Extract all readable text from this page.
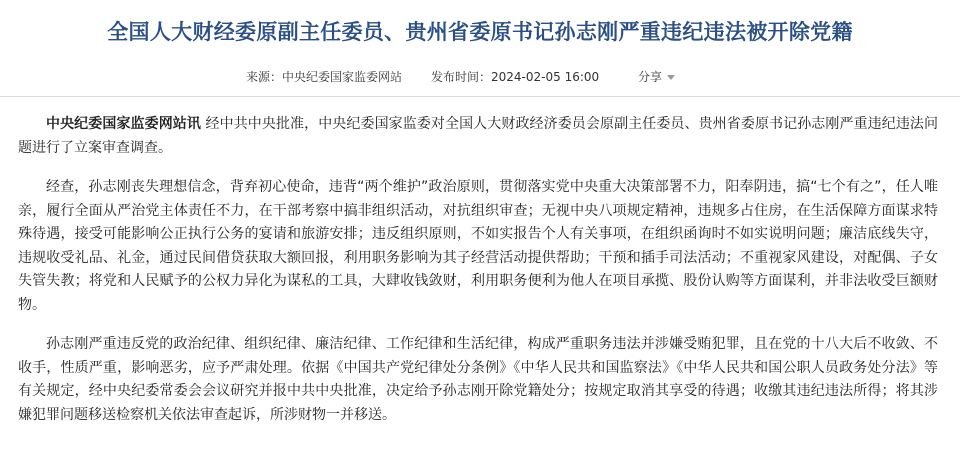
全国人大财经委原副主任委员、贵州省委原书记孙志刚严重违纪违法被开除党籍
来源：中央纪委国家监委网站 发布时间：2024-02-05 16:00	分享

中央纪委国家监委网站讯 经中共中央批准，中央纪委国家监委对全国人大财政经济委员会原副主任委员、贵州省委原书记孙志刚严重违纪违法问题进行了立案审查调查。

经查，孙志刚丧失理想信念，背弃初心使命，违背“两个维护”政治原则，贯彻落实党中央重大决策部署不力，阳奉阴违，搞“七个有之”，任人唯亲，履行全面从严治党主体责任不力，在干部考察中搞非组织活动，对抗组织审查；无视中央八项规定精神，违规多占住房，在生活保障方面谋求特殊待遇，接受可能影响公正执行公务的宴请和旅游安排；违反组织原则，不如实报告个人有关事项，在组织函询时不如实说明问题；廉洁底线失守，违规收受礼品、礼金，通过民间借贷获取大额回报，利用职务影响为其子经营活动提供帮助；干预和插手司法活动；不重视家风建设，对配偶、子女失管失教；将党和人民赋予的公权力异化为谋私的工具，大肆收钱敛财，利用职务便利为他人在项目承揽、股份认购等方面谋利，并非法收受巨额财物。

孙志刚严重违反党的政治纪律、组织纪律、廉洁纪律、工作纪律和生活纪律，构成严重职务违法并涉嫌受贿犯罪，且在党的十八大后不收敛、不收手，性质严重，影响恶劣，应予严肃处理。依据《中国共产党纪律处分条例》《中华人民共和国监察法》《中华人民共和国公职人员政务处分法》等有关规定，经中央纪委常委会会议研究并报中共中央批准，决定给予孙志刚开除党籍处分；按规定取消其享受的待遇；收缴其违纪违法所得；将其涉嫌犯罪问题移送检察机关依法审查起诉，所涉财物一并移送。
